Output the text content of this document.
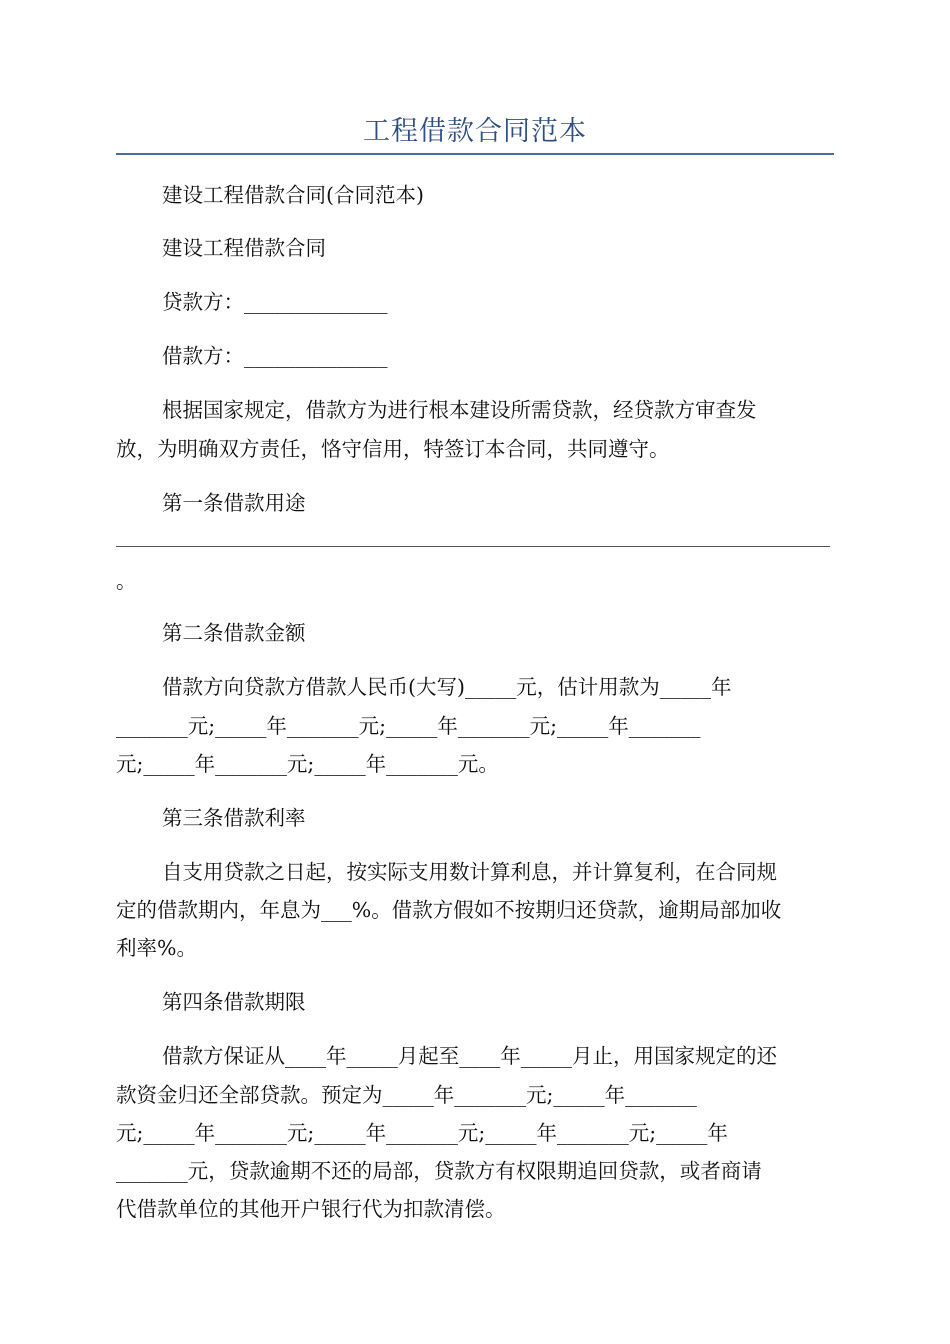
工程借款合同范本
建设工程借款合同(合同范本)
建设工程借款合同
贷款方：______________
借款方：______________
根据国家规定，借款方为进行根本建设所需贷款，经贷款方审查发
放，为明确双方责任，恪守信用，特签订本合同，共同遵守。
第一条借款用途
。
第二条借款金额
借款方向贷款方借款人民币(大写)_____元，估计用款为_____年
_______元;_____年_______元;_____年_______元;_____年_______
元;_____年_______元;_____年_______元。
第三条借款利率
自支用贷款之日起，按实际支用数计算利息，并计算复利，在合同规
定的借款期内，年息为___%。借款方假如不按期归还贷款，逾期局部加收
利率%。
第四条借款期限
借款方保证从____年_____月起至____年_____月止，用国家规定的还
款资金归还全部贷款。预定为_____年_______元;_____年_______
元;_____年_______元;_____年_______元;_____年_______元;_____年
_______元，贷款逾期不还的局部，贷款方有权限期追回贷款，或者商请
代借款单位的其他开户银行代为扣款清偿。
